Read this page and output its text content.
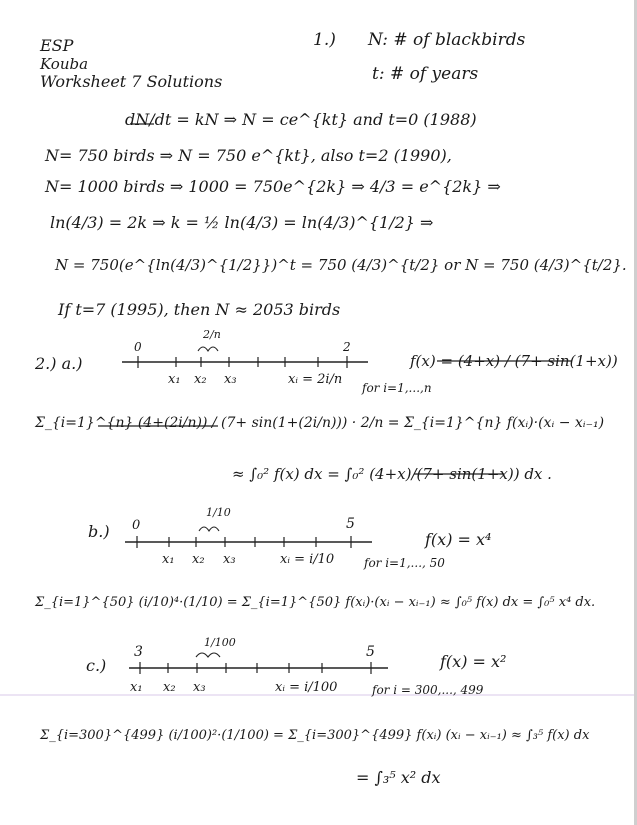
ESP
Kouba
Worksheet 7 Solutions
1.) N: # of blackbirds
t: # of years
dN/dt = kN ⇒ N = ce^{kt} and t=0 (1988)
N= 750 birds ⇒ N = 750 e^{kt}, also t=2 (1990),
N= 1000 birds ⇒ 1000 = 750e^{2k} ⇒ 4/3 = e^{2k} ⇒
ln(4/3) = 2k ⇒ k = ½ ln(4/3) = ln(4/3)^{1/2} ⇒
N = 750(e^{ln(4/3)^{1/2}})^t = 750 (4/3)^{t/2} or N = 750 (4/3)^{t/2}.
If t=7 (1995), then N ≈ 2053 birds
2.) a.)
0	2
2/n
x₁ x₂ x₃	xᵢ = 2i/n
for i=1,...,n
f(x) = (4+x) / (7+ sin(1+x))
Σ_{i=1}^{n} (4+(2i/n)) / (7+ sin(1+(2i/n))) · 2/n = Σ_{i=1}^{n} f(xᵢ)·(xᵢ − xᵢ₋₁)
≈ ∫₀² f(x) dx = ∫₀² (4+x)/(7+ sin(1+x)) dx .
b.) 0	5
1/10
x₁ x₂ x₃	xᵢ = i/10 for i=1,..., 50
f(x) = x⁴
Σ_{i=1}^{50} (i/10)⁴·(1/10) = Σ_{i=1}^{50} f(xᵢ)·(xᵢ − xᵢ₋₁) ≈ ∫₀⁵ f(x) dx = ∫₀⁵ x⁴ dx.
c.)
3	5
1/100
x₁ x₂ x₃	xᵢ = i/100	for i = 300,..., 499
f(x) = x²
Σ_{i=300}^{499} (i/100)²·(1/100) = Σ_{i=300}^{499} f(xᵢ) (xᵢ − xᵢ₋₁) ≈ ∫₃⁵ f(x) dx
= ∫₃⁵ x² dx
